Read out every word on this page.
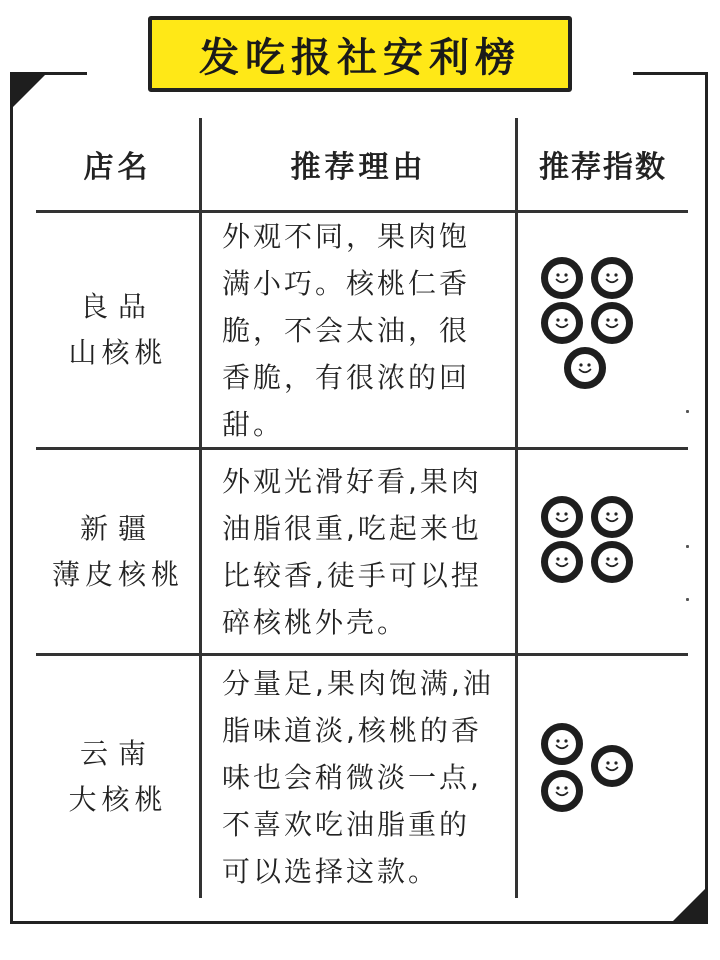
发吃报社安利榜
店名	推荐理由	推荐指数
良品
山核桃
外观不同，果肉饱满小巧。核桃仁香脆，不会太油，很香脆，有很浓的回甜。
新疆
薄皮核桃
外观光滑好看,果肉油脂很重,吃起来也比较香,徒手可以捏碎核桃外壳。
云南
大核桃
分量足,果肉饱满,油脂味道淡,核桃的香味也会稍微淡一点,不喜欢吃油脂重的可以选择这款。
